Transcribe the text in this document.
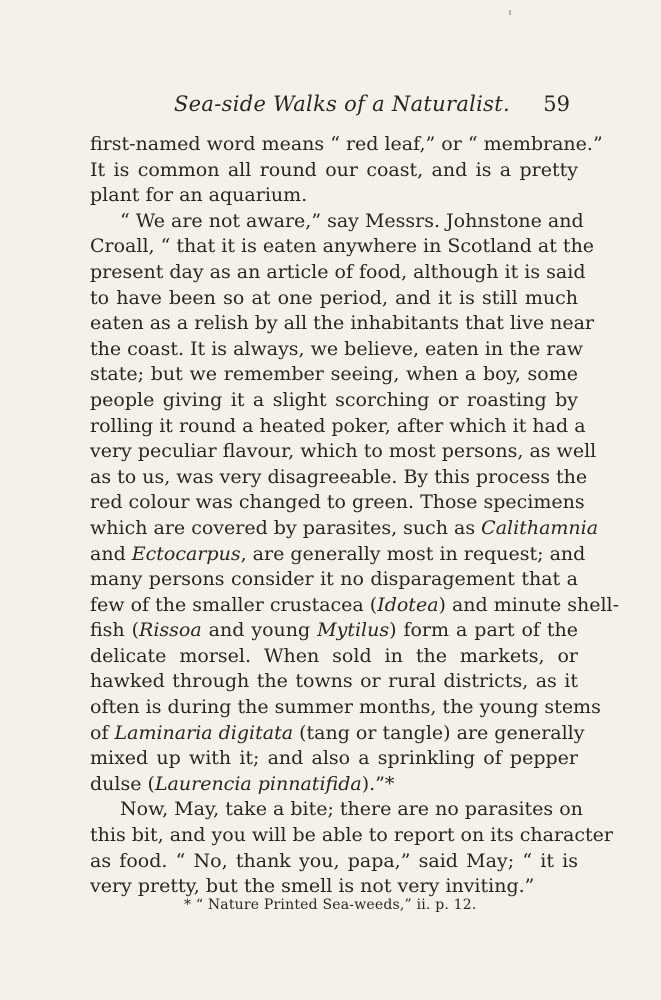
Sea-side Walks of a Naturalist. 59
first-named word means “ red leaf,” or “ membrane.”
It is common all round our coast, and is a pretty
plant for an aquarium.
“ We are not aware,” say Messrs. Johnstone and
Croall, “ that it is eaten anywhere in Scotland at the
present day as an article of food, although it is said
to have been so at one period, and it is still much
eaten as a relish by all the inhabitants that live near
the coast. It is always, we believe, eaten in the raw
state; but we remember seeing, when a boy, some
people giving it a slight scorching or roasting by
rolling it round a heated poker, after which it had a
very peculiar flavour, which to most persons, as well
as to us, was very disagreeable. By this process the
red colour was changed to green. Those specimens
which are covered by parasites, such as Calithamnia
and Ectocarpus, are generally most in request; and
many persons consider it no disparagement that a
few of the smaller crustacea (Idotea) and minute shell-
fish (Rissoa and young Mytilus) form a part of the
delicate morsel. When sold in the markets, or
hawked through the towns or rural districts, as it
often is during the summer months, the young stems
of Laminaria digitata (tang or tangle) are generally
mixed up with it; and also a sprinkling of pepper
dulse (Laurencia pinnatifida).”*
Now, May, take a bite; there are no parasites on
this bit, and you will be able to report on its character
as food. “ No, thank you, papa,” said May; “ it is
very pretty, but the smell is not very inviting.”
* “ Nature Printed Sea-weeds,” ii. p. 12.
